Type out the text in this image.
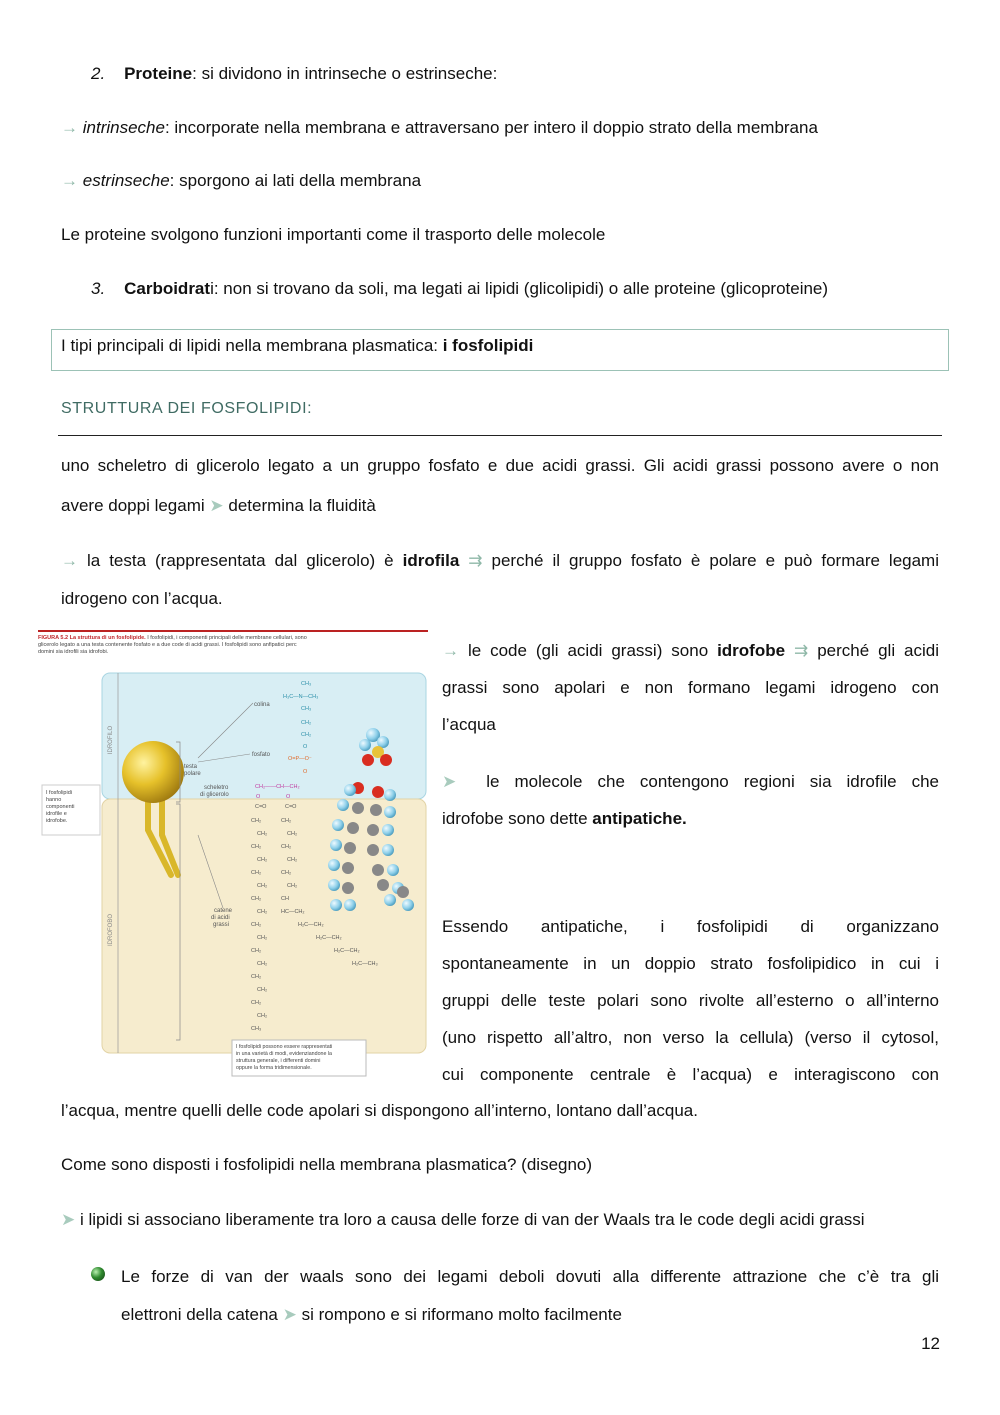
2. Proteine: si dividono in intrinseche o estrinseche:

→ intrinseche: incorporate nella membrana e attraversano per intero il doppio strato della membrana

→ estrinseche: sporgono ai lati della membrana

Le proteine svolgono funzioni importanti come il trasporto delle molecole

3. Carboidrati: non si trovano da soli, ma legati ai lipidi (glicolipidi) o alle proteine (glicoproteine)

I tipi principali di lipidi nella membrana plasmatica: i fosfolipidi

STRUTTURA DEI FOSFOLIPIDI:

uno scheletro di glicerolo legato a un gruppo fosfato e due acidi grassi. Gli acidi grassi possono avere o non

avere doppi legami ➤ determina la fluidità

→ la testa (rappresentata dal glicerolo) è idrofila ⇉ perché il gruppo fosfato è polare e può formare legami

idrogeno con l’acqua.

FIGURA 5.2 La struttura di un fosfolipide. I fosfolipidi, i componenti principali delle membrane cellulari, sono
glicerolo legato a una testa contenente fosfato e a due code di acidi grassi. I fosfolipidi sono anfipatici perc
domini sia idrofili sia idrofobi.
IDROFILO
IDROFOBO
I fosfolipidi hanno componenti idrofile e idrofobe.
testa polare
scheletro di glicerolo
colina
fosfato
catene di acidi grassi
CH₃
H₃C—N—CH₃
CH₃
CH₂
CH₂
O
O=P—O⁻
O
CH₂——CH—CH₂
O	O
C=O	C=O
CH₂	CH₂
CH₂	CH₂
CH₂	CH₂
CH₂	CH₂
CH₂	CH₂
CH₂	CH₂
CH₂	CH
CH₂	HC—CH₂
CH₂	H₂C—CH₂
CH₂	H₂C—CH₂
CH₂	H₂C—CH₂
CH₂	H₂C—CH₃
CH₂
CH₂
CH₂
CH₂
CH₃
I fosfolipidi possono essere rappresentati in una varietà di modi, evidenziandone la struttura generale, i differenti domini oppure la forma tridimensionale.

→ le code (gli acidi grassi) sono idrofobe ⇉ perché gli acidi

grassi sono apolari e non formano legami idrogeno con

l’acqua

➤ le molecole che contengono regioni sia idrofile che

idrofobe sono dette antipatiche.

Essendo antipatiche, i fosfolipidi di organizzano

spontaneamente in un doppio strato fosfolipidico in cui i

gruppi delle teste polari sono rivolte all’esterno o all’interno

(uno rispetto all’altro, non verso la cellula) (verso il cytosol,

cui componente centrale è l’acqua) e interagiscono con

l’acqua, mentre quelli delle code apolari si dispongono all’interno, lontano dall’acqua.

Come sono disposti i fosfolipidi nella membrana plasmatica? (disegno)

➤ i lipidi si associano liberamente tra loro a causa delle forze di van der Waals tra le code degli acidi grassi

Le forze di van der waals sono dei legami deboli dovuti alla differente attrazione che c’è tra gli

elettroni della catena ➤ si rompono e si riformano molto facilmente

12
